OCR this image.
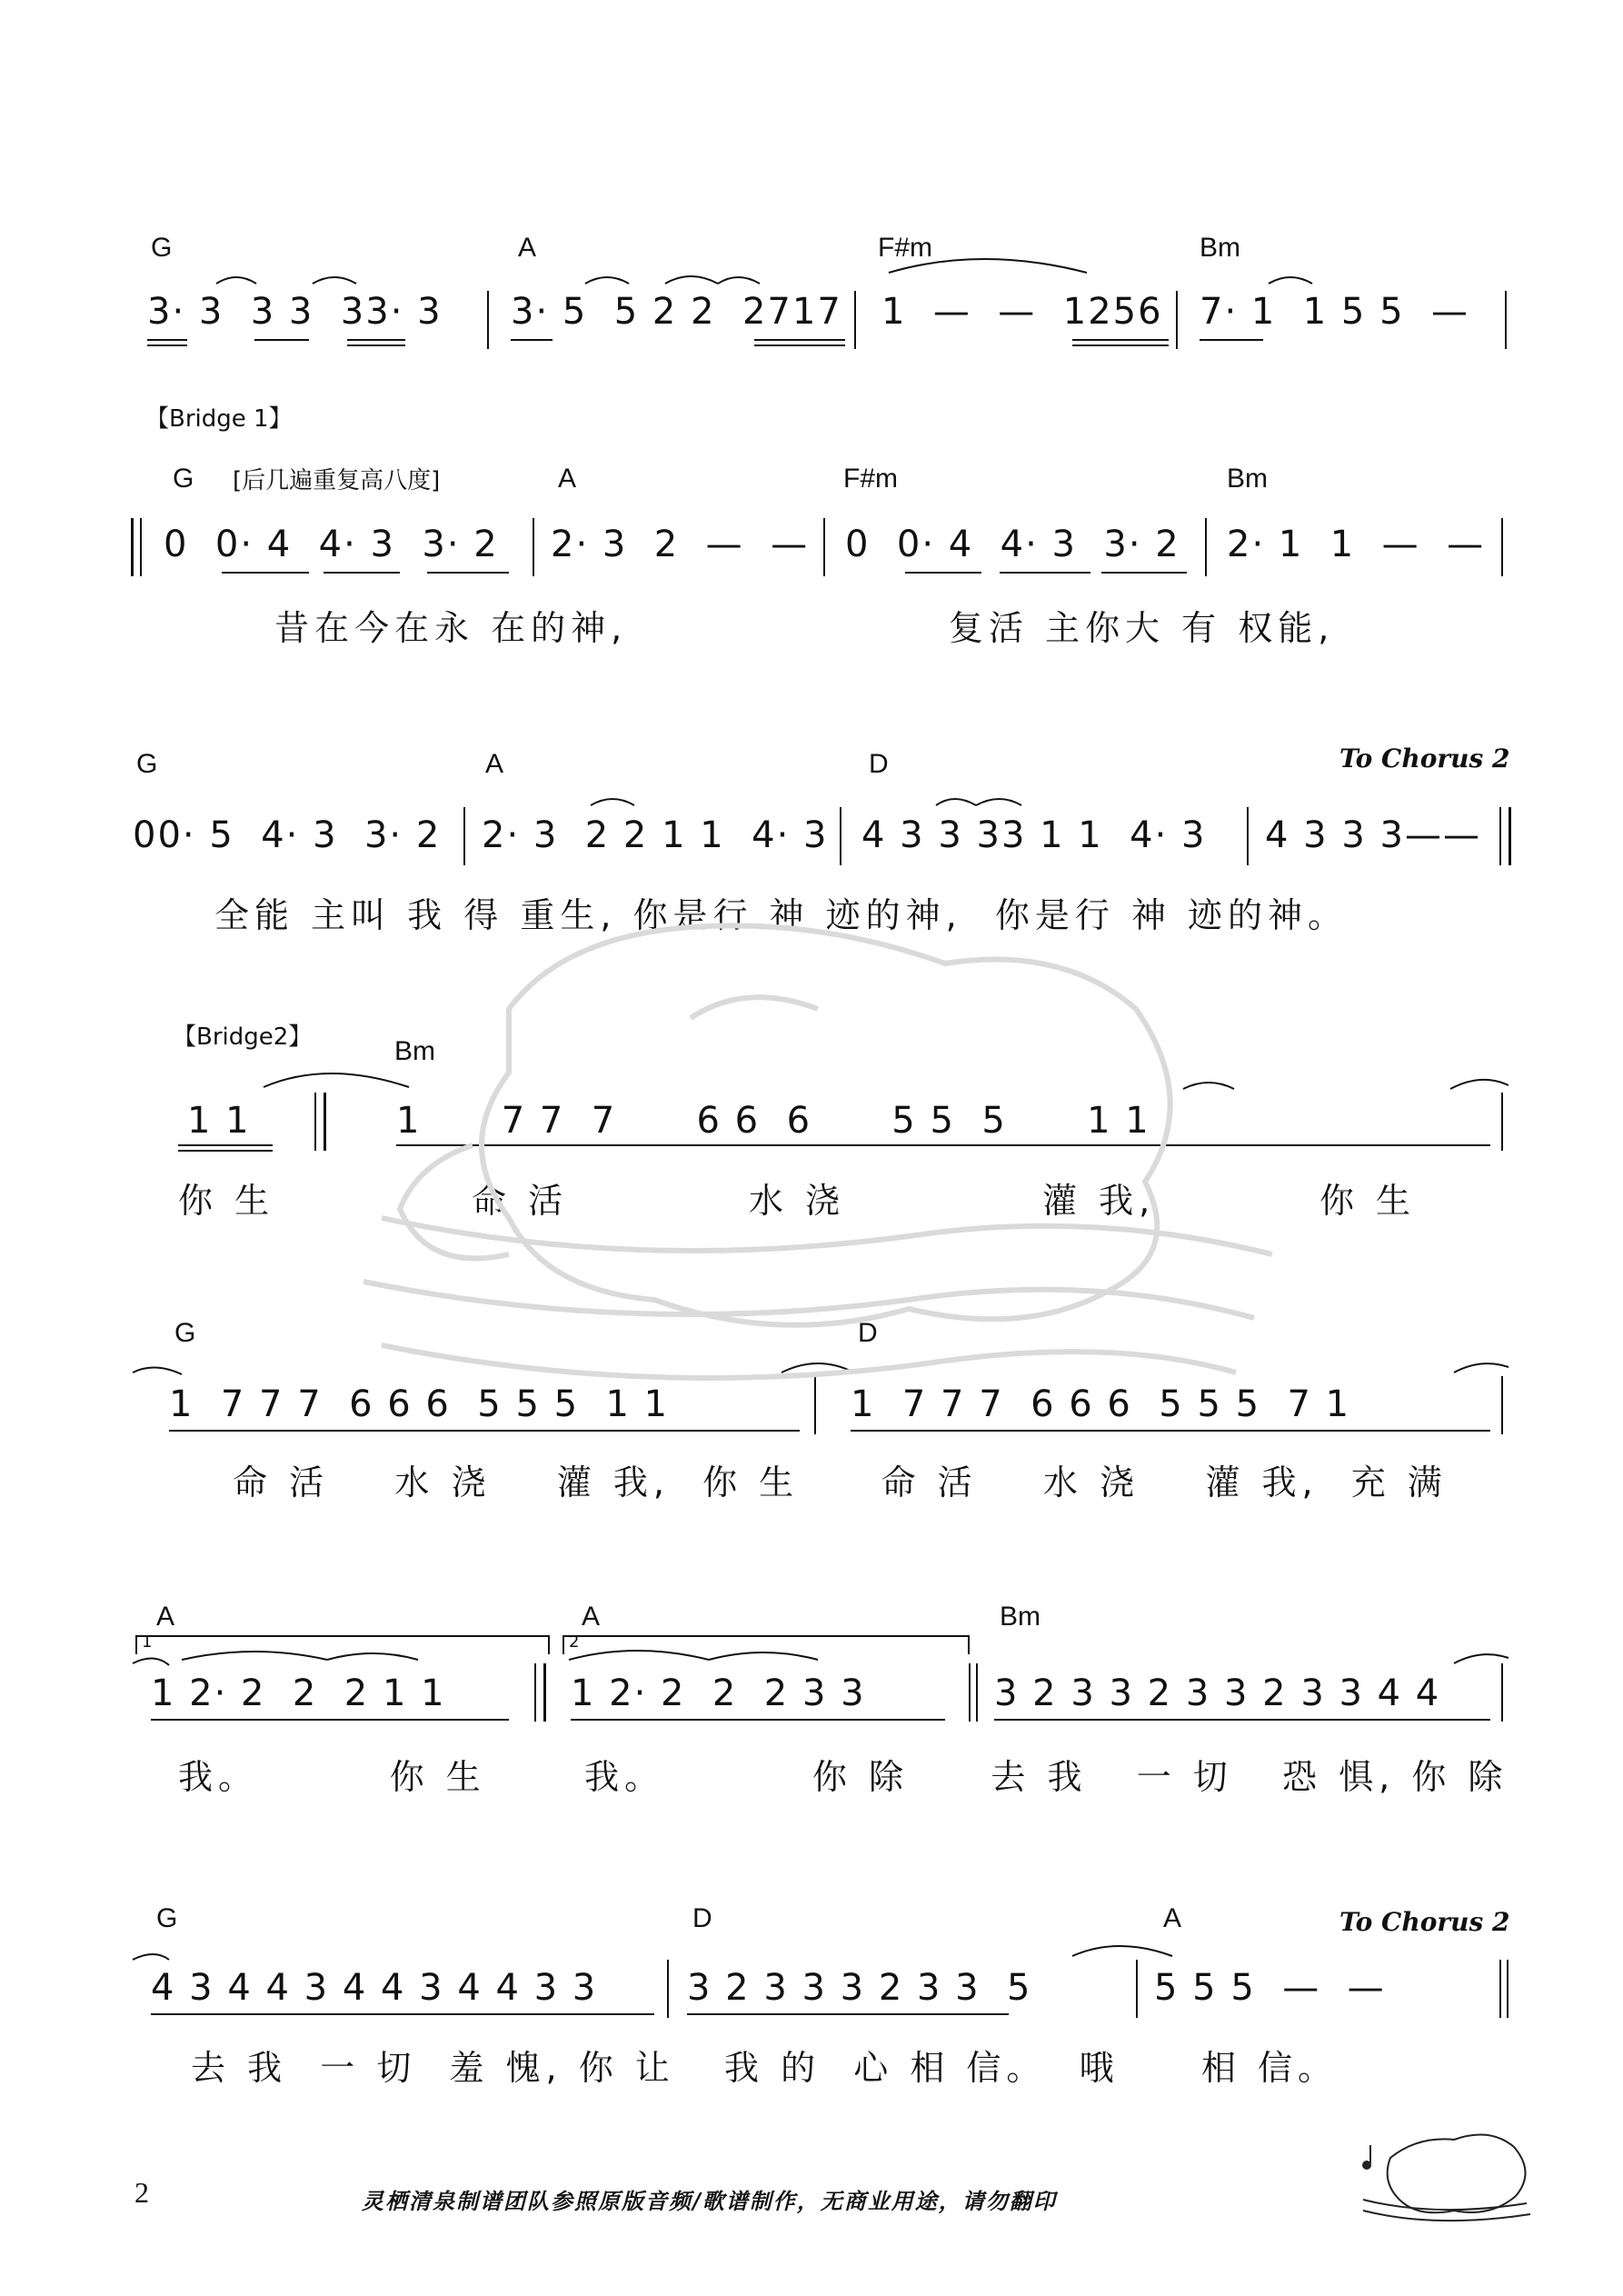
G	A	F#m	Bm
3· 3  3 3  33· 3 3· 5  5 2 2  2717 1  —  —  1256 7· 1  1 5 5  —
【Bridge 1】
G [后几遍重复高八度]	A	F#m	Bm
0  0· 4  4· 3  3· 2 2· 3  2  —  — 0  0· 4  4· 3  3· 2 2· 1  1  —  —
昔在今在永 在的神,	复活 主你大 有 权能,
G	A	D	To Chorus 2
00· 5  4· 3  3· 2 2· 3  2 2 1 1  4· 3 4 3 3 33 1 1  4· 3 4 3 3 3——
全能 主叫 我 得 重生, 你是行 神 迹的神,  你是行 神 迹的神。
【Bridge2】	Bm
1 1	1      7 7  7      6 6  6      5 5  5      1 1
你 生            命 活           水 浇            灌 我,          你 生
G	D
1  7 7 7  6 6 6  5 5 5  1 1	1  7 7 7  6 6 6  5 5 5  7 1
命 活    水 浇    灌 我,  你 生     命 活    水 浇    灌 我,  充 满
A	A	Bm
1	2
1 2· 2  2  2 1 1	1 2· 2  2  2 3 3	3 2 3 3 2 3 3 2 3 3 4 4
我。        你 生      我。         你 除     去 我   一 切   恐 惧, 你 除
G	D	A	To Chorus 2
4 3 4 4 3 4 4 3 4 4 3 3 3 2 3 3 3 2 3 3  5	5 5 5  —  —
去 我  一 切  羞 愧, 你 让   我 的  心 相 信。  哦     相 信。
2	灵栖清泉制谱团队参照原版音频/歌谱制作，无商业用途，请勿翻印
